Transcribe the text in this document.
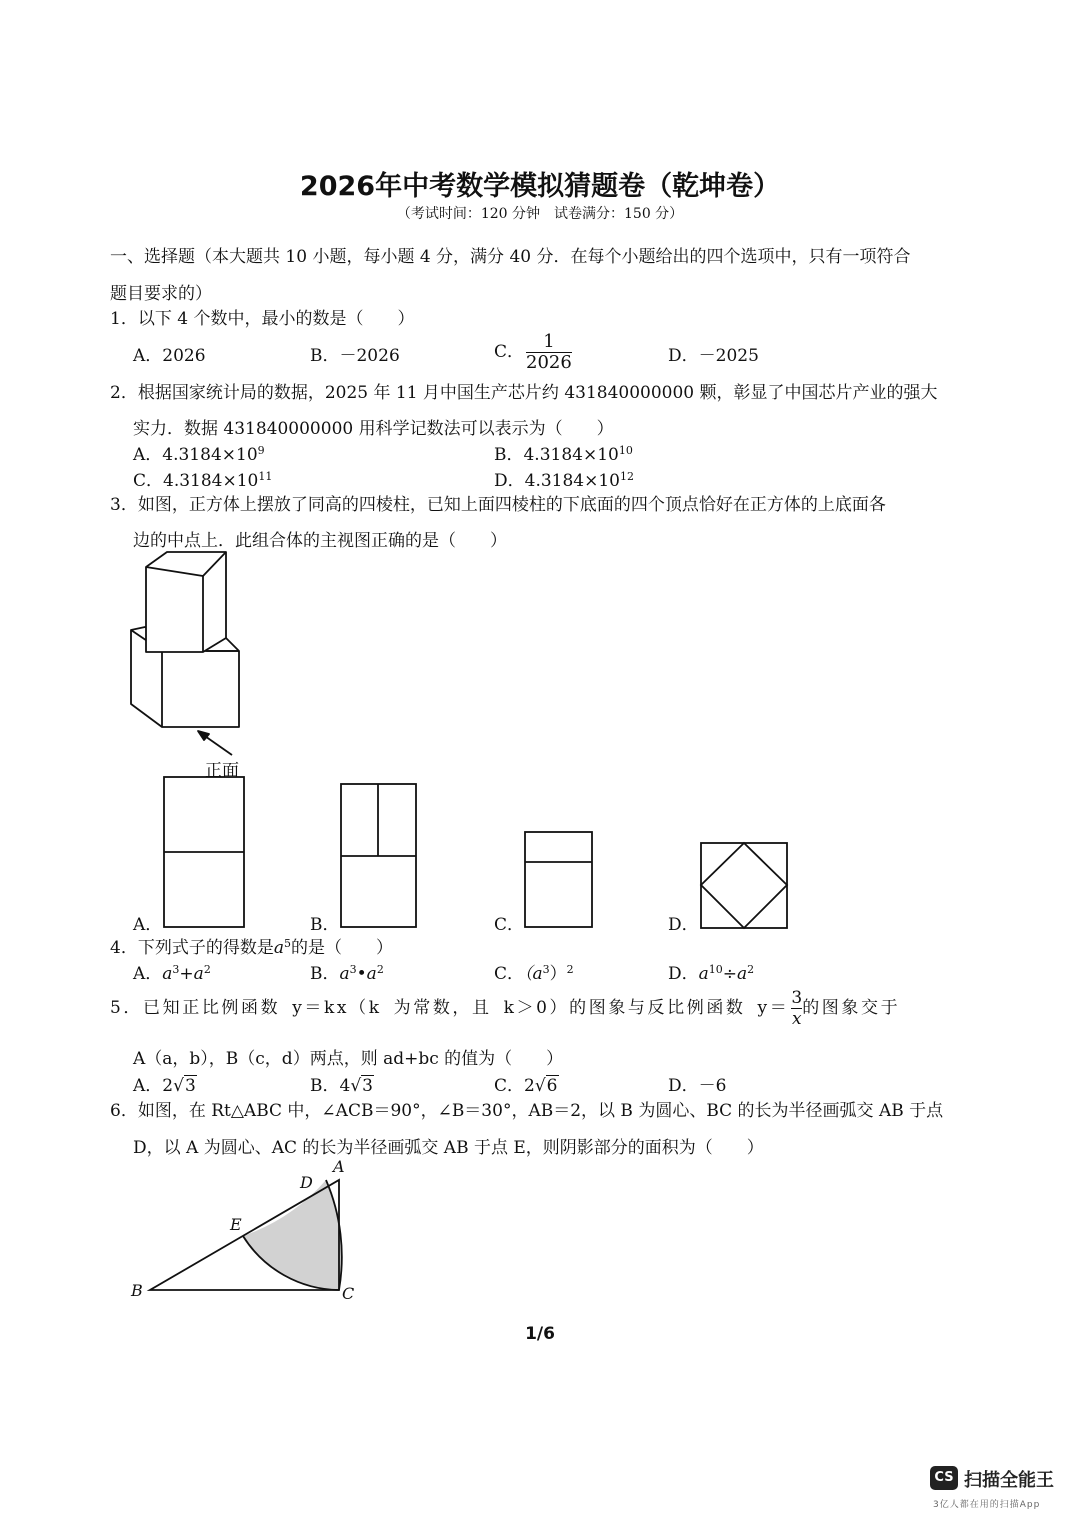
2026年中考数学模拟猜题卷（乾坤卷）
（考试时间：120 分钟　试卷满分：150 分）
一、选择题（本大题共 10 小题，每小题 4 分，满分 40 分．在每个小题给出的四个选项中，只有一项符合
题目要求的）
1．以下 4 个数中，最小的数是（　　）
A．2026	B．－2026	C． $\frac{1}{2026}$	D．－2025
2．根据国家统计局的数据，2025 年 11 月中国生产芯片约 431840000000 颗，彰显了中国芯片产业的强大
实力．数据 431840000000 用科学记数法可以表示为（　　）
A．$4.3184\times 10^9$	B．$4.3184\times 10^{10}$
C．$4.3184\times 10^{11}$	D．$4.3184\times 10^{12}$
3．如图，正方体上摆放了同高的四棱柱，已知上面四棱柱的下底面的四个顶点恰好在正方体的上底面各
边的中点上．此组合体的主视图正确的是（　　）
正面
A．	B．	C．	D．
4．下列式子的得数是$a^5$的是（　　）
A．$a^3+a^2$	B．$a^3•a^2$	C．$(a^3)^2$	D．$a^{10}\div a^2$
5．已知正比例函数 y＝kx（k 为常数，且 k＞0）的图象与反比例函数 $y= \frac{3}{x}$ 的图象交于
A（a，b），B（c，d）两点，则 ad+bc 的值为（　　）
A．2√3	B．4√3	C．2√6	D．－6
6．如图，在 Rt△ABC 中，∠ACB＝90°，∠B＝30°，AB＝2，以 B 为圆心、BC 的长为半径画弧交 AB 于点
D，以 A 为圆心、AC 的长为半径画弧交 AB 于点 E，则阴影部分的面积为（　　）
A
D
E
B	C
1/6
CS 扫描全能王
3亿人都在用的扫描App
